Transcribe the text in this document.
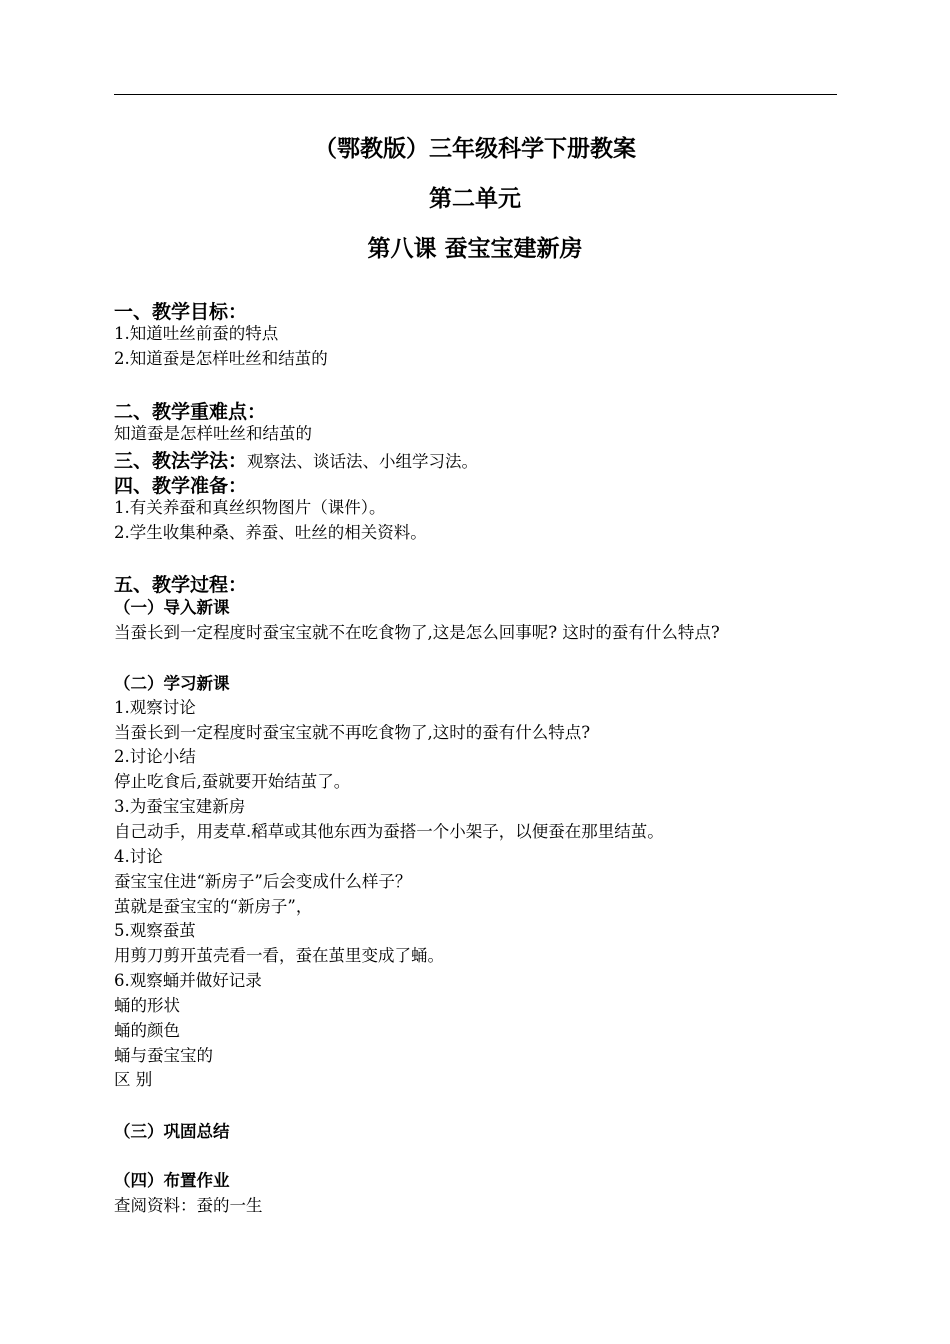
（鄂教版）三年级科学下册教案
第二单元
第八课 蚕宝宝建新房
一、教学目标：
1.知道吐丝前蚕的特点
2.知道蚕是怎样吐丝和结茧的
二、教学重难点：
知道蚕是怎样吐丝和结茧的
三、教法学法：观察法、谈话法、小组学习法。
四、教学准备：
1.有关养蚕和真丝织物图片（课件）。
2.学生收集种桑、养蚕、吐丝的相关资料。
五、教学过程：
（一）导入新课
当蚕长到一定程度时蚕宝宝就不在吃食物了,这是怎么回事呢? 这时的蚕有什么特点?
（二）学习新课
1.观察讨论
当蚕长到一定程度时蚕宝宝就不再吃食物了,这时的蚕有什么特点?
2.讨论小结
停止吃食后,蚕就要开始结茧了。
3.为蚕宝宝建新房
自己动手，用麦草.稻草或其他东西为蚕搭一个小架子，以便蚕在那里结茧。
4.讨论
蚕宝宝住进“新房子”后会变成什么样子？
茧就是蚕宝宝的“新房子”，
5.观察蚕茧
用剪刀剪开茧壳看一看，蚕在茧里变成了蛹。
6.观察蛹并做好记录
蛹的形状
蛹的颜色
蛹与蚕宝宝的
区 别
（三）巩固总结
（四）布置作业
查阅资料：蚕的一生
